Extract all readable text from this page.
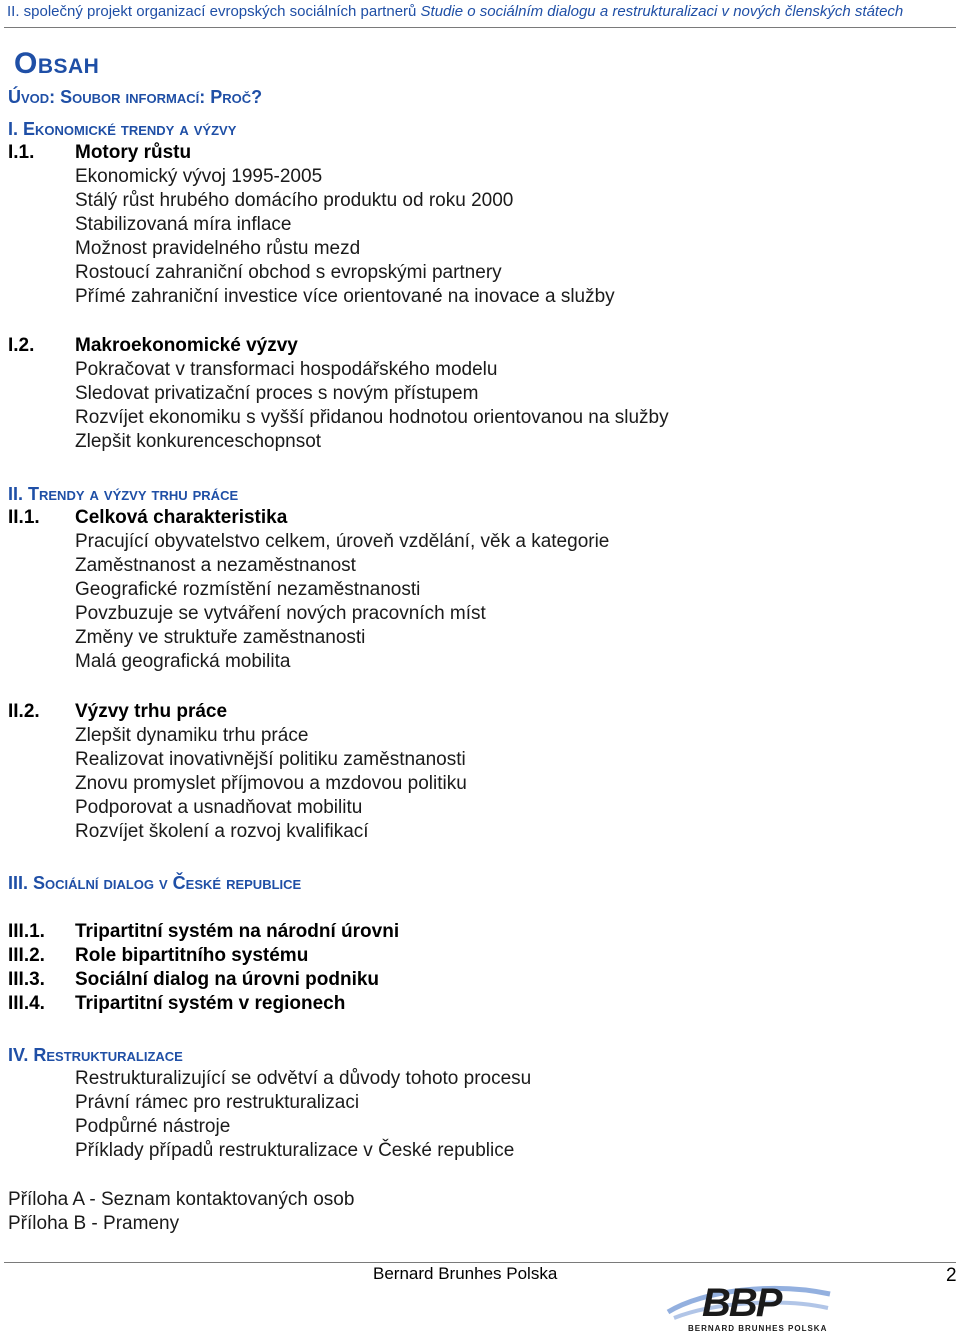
II. společný projekt organizací evropských sociálních partnerů Studie o sociálním dialogu a restrukturalizaci v nových členských státech
Obsah
Úvod: Soubor informací: Proč?
I. Ekonomické trendy a výzvy
I.1. Motory růstu
Ekonomický vývoj 1995-2005
Stálý růst hrubého domácího produktu od roku 2000
Stabilizovaná míra inflace
Možnost pravidelného růstu mezd
Rostoucí zahraniční obchod s evropskými partnery
Přímé zahraniční investice více orientované na inovace a služby
I.2. Makroekonomické výzvy
Pokračovat v transformaci hospodářského modelu
Sledovat privatizační proces s novým přístupem
Rozvíjet ekonomiku s vyšší přidanou hodnotou orientovanou na služby
Zlepšit konkurenceschopnsot
II. Trendy a výzvy trhu práce
II.1. Celková charakteristika
Pracující obyvatelstvo celkem, úroveň vzdělání, věk a kategorie
Zaměstnanost a nezaměstnanost
Geografické rozmístění nezaměstnanosti
Povzbuzuje se vytváření nových pracovních míst
Změny ve struktuře zaměstnanosti
Malá geografická mobilita
II.2. Výzvy trhu práce
Zlepšit dynamiku trhu práce
Realizovat inovativnější politiku zaměstnanosti
Znovu promyslet příjmovou a mzdovou politiku
Podporovat a usnadňovat mobilitu
Rozvíjet školení a rozvoj kvalifikací
III. Sociální dialog v České republice
III.1. Tripartitní systém na národní úrovni
III.2. Role bipartitního systému
III.3. Sociální dialog na úrovni podniku
III.4. Tripartitní systém v regionech
IV. Restrukturalizace
Restrukturalizující se odvětví a důvody tohoto procesu
Právní rámec pro restrukturalizaci
Podpůrné nástroje
Příklady případů restrukturalizace v České republice
Příloha A - Seznam kontaktovaných osob
Příloha B - Prameny
Bernard Brunhes Polska	2
BBP
BERNARD BRUNHES POLSKA
